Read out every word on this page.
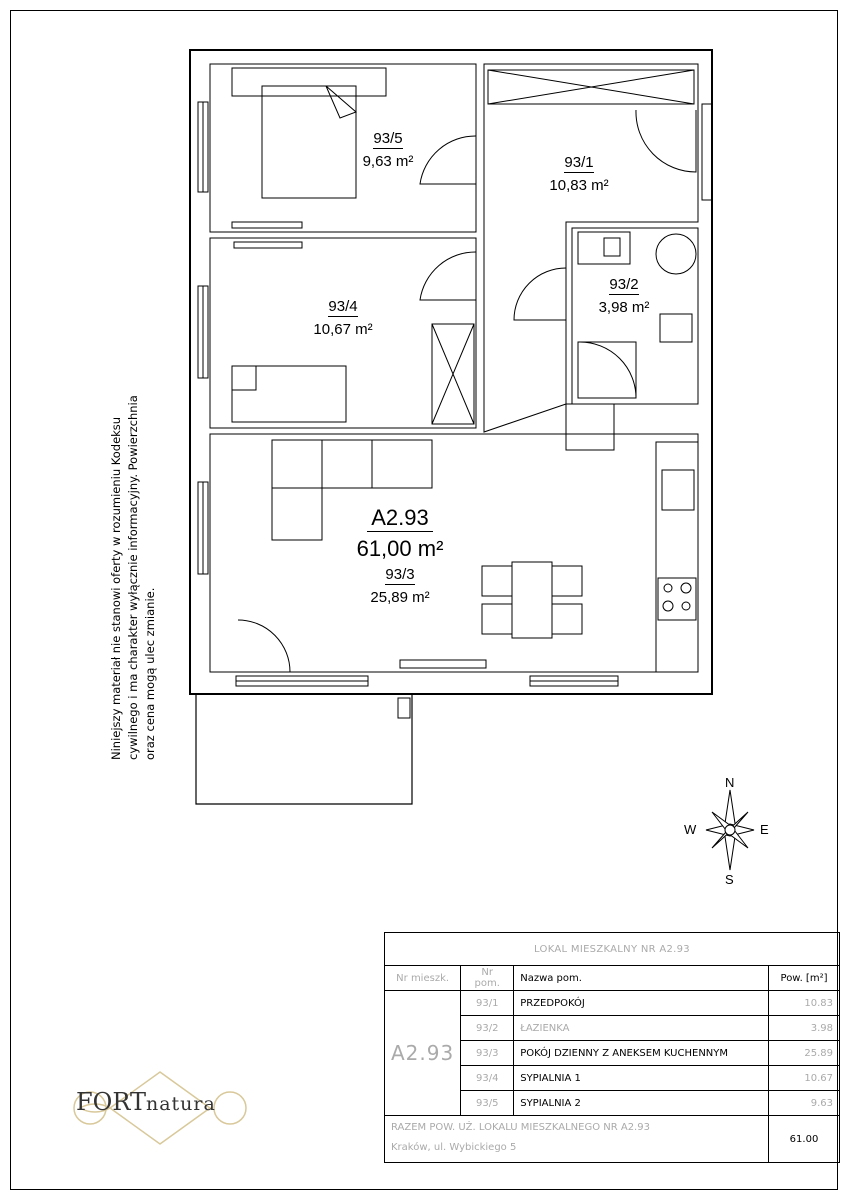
93/5
9,63 m²	93/1
10,83 m²
93/2
3,98 m²
93/4
10,67 m²
A2.93
61,00 m²
93/3
25,89 m²
Niniejszy materiał nie stanowi oferty w rozumieniu Kodeksu cywilnego i ma charakter wyłącznie informacyjny. Powierzchnia oraz cena mogą ulec zmianie.
N
E
S
W
LOKAL MIESZKALNY NR A2.93			
Nr mieszk.	Nr pom.	Nazwa pom.	Pow. [m²]
A2.93	93/1	PRZEDPOKÓJ	10.83
	93/2	ŁAZIENKA	3.98
	93/3	POKÓJ DZIENNY Z ANEKSEM KUCHENNYM	25.89
	93/4	SYPIALNIA 1	10.67
	93/5	SYPIALNIA 2	9.63

RAZEM POW. UŻ. LOKALU MIESZKALNEGO NR A2.93
Kraków, ul. Wybickiego 5			61.00
FORTnatura
